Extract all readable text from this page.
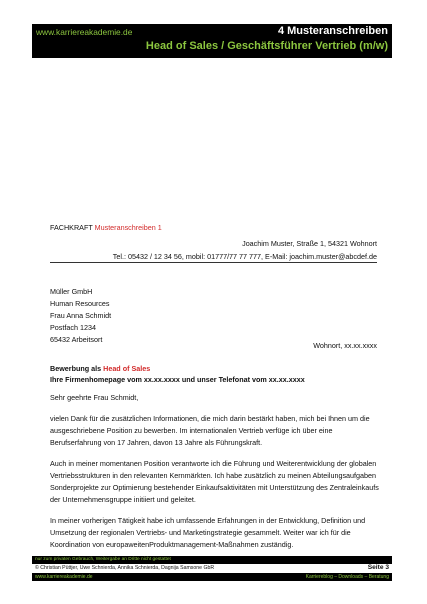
www.karriereakademie.de	4 Musteranschreiben
Head of Sales / Geschäftsführer Vertrieb (m/w)
FACHKRAFT Musteranschreiben 1
Joachim Muster, Straße 1, 54321 Wohnort
Tel.: 05432 / 12 34 56, mobil: 01777/77 77 777, E-Mail: joachim.muster@abcdef.de
Müller GmbH
Human Resources
Frau Anna Schmidt
Postfach 1234
65432 Arbeitsort
Wohnort, xx.xx.xxxx
Bewerbung als Head of Sales
Ihre Firmenhomepage vom xx.xx.xxxx und unser Telefonat vom xx.xx.xxxx

Sehr geehrte Frau Schmidt,

vielen Dank für die zusätzlichen Informationen, die mich darin bestärkt haben, mich bei Ihnen um die ausgeschriebene Position zu bewerben. Im internationalen Vertrieb verfüge ich über eine Berufserfahrung von 17 Jahren, davon 13 Jahre als Führungskraft.

Auch in meiner momentanen Position verantworte ich die Führung und Weiterentwicklung der globalen Vertriebsstrukturen in den relevanten Kernmärkten. Ich habe zusätzlich zu meinen Abteilungsaufgaben Sonderprojekte zur Optimierung bestehender Einkaufsaktivitäten mit Unterstützung des Zentraleinkaufs der Unternehmensgruppe initiiert und geleitet.

In meiner vorherigen Tätigkeit habe ich umfassende Erfahrungen in der Entwicklung, Definition und Umsetzung der regionalen Vertriebs- und Marketingstrategie gesammelt. Weiter war ich für die Koordination von europaweitenProduktmanagement-Maßnahmen zuständig.

nur zum privaten Gebrauch, Weitergabe an Dritte nicht gestattet
© Christian Püttjer, Uwe Schnierda, Annika Schnierda, Dagnija Samsone GbR	Seite 3
www.karriereakademie.de	Karriereblog – Downloads – Beratung
